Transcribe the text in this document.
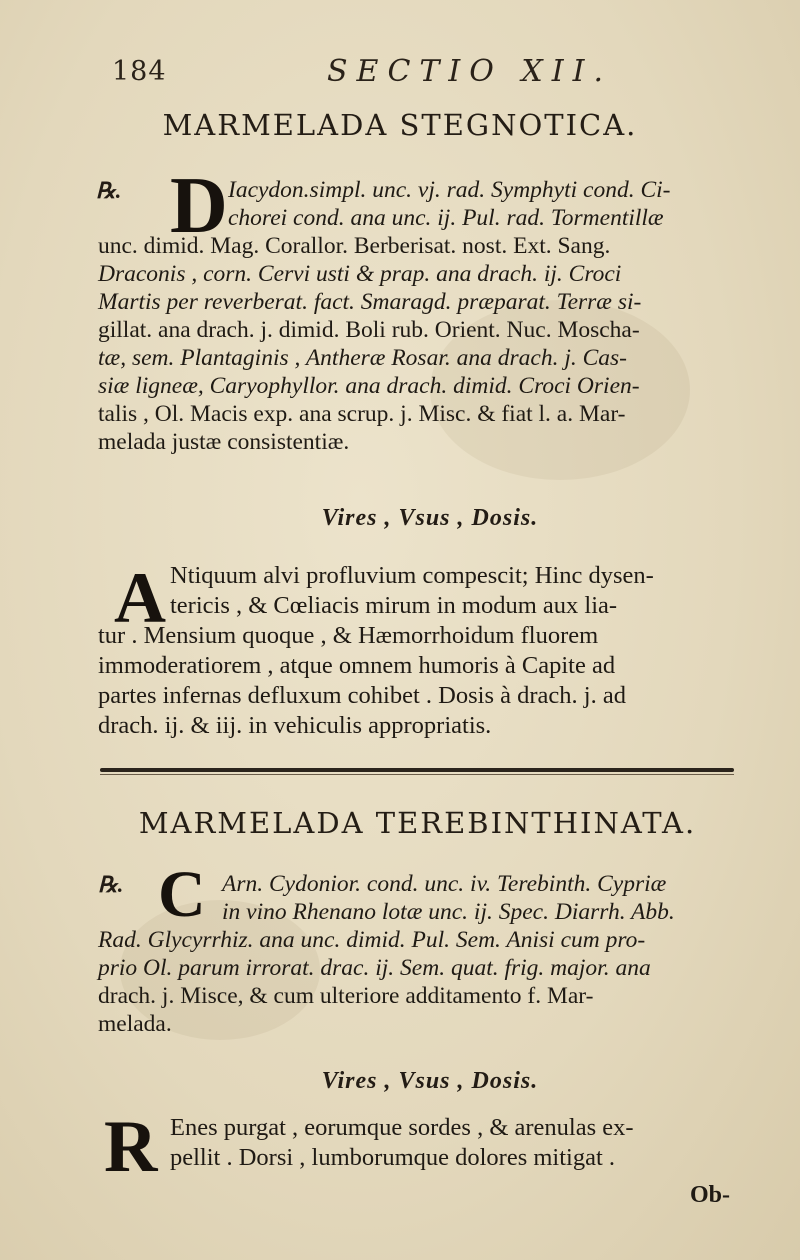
184	SECTIO XII.
MARMELADA STEGNOTICA.
℞. D Iacydon.simpl. unc. vj. rad. Symphyti cond. Ci-
chorei cond. ana unc. ij. Pul. rad. Tormentillæ
unc. dimid. Mag. Corallor. Berberisat. nost. Ext. Sang.
Draconis , corn. Cervi usti & prap. ana drach. ij. Croci
Martis per reverberat. fact. Smaragd. præparat. Terræ si-
gillat. ana drach. j. dimid. Boli rub. Orient. Nuc. Moscha-
tæ, sem. Plantaginis , Antheræ Rosar. ana drach. j. Cas-
siæ ligneæ, Caryophyllor. ana drach. dimid. Croci Orien-
talis , Ol. Macis exp. ana scrup. j. Misc. & fiat l. a. Mar-
melada justæ consistentiæ.
Vires , Vsus , Dosis.
A Ntiquum alvi profluvium compescit; Hinc dysen-
tericis , & Cœliacis mirum in modum aux lia-
tur . Mensium quoque , & Hæmorrhoidum fluorem
immoderatiorem , atque omnem humoris à Capite ad
partes infernas defluxum cohibet . Dosis à drach. j. ad
drach. ij. & iij. in vehiculis appropriatis.
MARMELADA TEREBINTHINATA.
℞. C Arn. Cydonior. cond. unc. iv. Terebinth. Cypriæ
in vino Rhenano lotæ unc. ij. Spec. Diarrh. Abb.
Rad. Glycyrrhiz. ana unc. dimid. Pul. Sem. Anisi cum pro-
prio Ol. parum irrorat. drac. ij. Sem. quat. frig. major. ana
drach. j. Misce, & cum ulteriore additamento f. Mar-
melada.
Vires , Vsus , Dosis.
R Enes purgat , eorumque sordes , & arenulas ex-
pellit . Dorsi , lumborumque dolores mitigat .
Ob-
